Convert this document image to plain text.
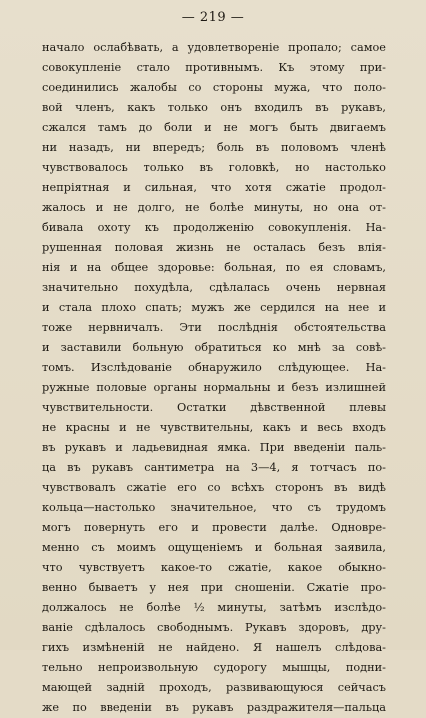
— 219 —
начало ослабѣвать, а удовлетвореніе пропало; самое
совокупленіе стало противнымъ. Къ этому при-
соединились жалобы со стороны мужа, что поло-
вой членъ, какъ только онъ входилъ въ рукавъ,
сжался тамъ до боли и не могъ быть двигаемъ
ни назадъ, ни впередъ; боль въ половомъ членѣ
чувствовалось только въ головкѣ, но настолько
непріятная и сильная, что хотя сжатіе продол-
жалось и не долго, не болѣе минуты, но она от-
бивала охоту къ продолженію совокупленія. На-
рушенная половая жизнь не осталась безъ влія-
нія и на общее здоровье: больная, по ея словамъ,
значительно похудѣла, сдѣлалась очень нервная
и стала плохо спать; мужъ же сердился на нее и
тоже нервничалъ. Эти послѣднія обстоятельства
и заставили больную обратиться ко мнѣ за совѣ-
томъ. Изслѣдованіе обнаружило слѣдующее. На-
ружные половые органы нормальны и безъ излишней
чувствительности. Остатки дѣвственной плевы
не красны и не чувствительны, какъ и весь входъ
въ рукавъ и ладьевидная ямка. При введеніи паль-
ца въ рукавъ сантиметра на 3—4, я тотчасъ по-
чувствовалъ сжатіе его со всѣхъ сторонъ въ видѣ
кольца—настолько значительное, что съ трудомъ
могъ повернуть его и провести далѣе. Одновре-
менно съ моимъ ощущеніемъ и больная заявила,
что чувствуетъ какое-то сжатіе, какое обыкно-
венно бываетъ у нея при сношеніи. Сжатіе про-
должалось не болѣе ½ минуты, затѣмъ изслѣдо-
ваніе сдѣлалось свободнымъ. Рукавъ здоровъ, дру-
гихъ измѣненій не найдено. Я нашелъ слѣдова-
тельно непроизвольную судорогу мышцы, подни-
мающей задній проходъ, развивающуюся сейчасъ
же по введеніи въ рукавъ раздражителя—пальца
